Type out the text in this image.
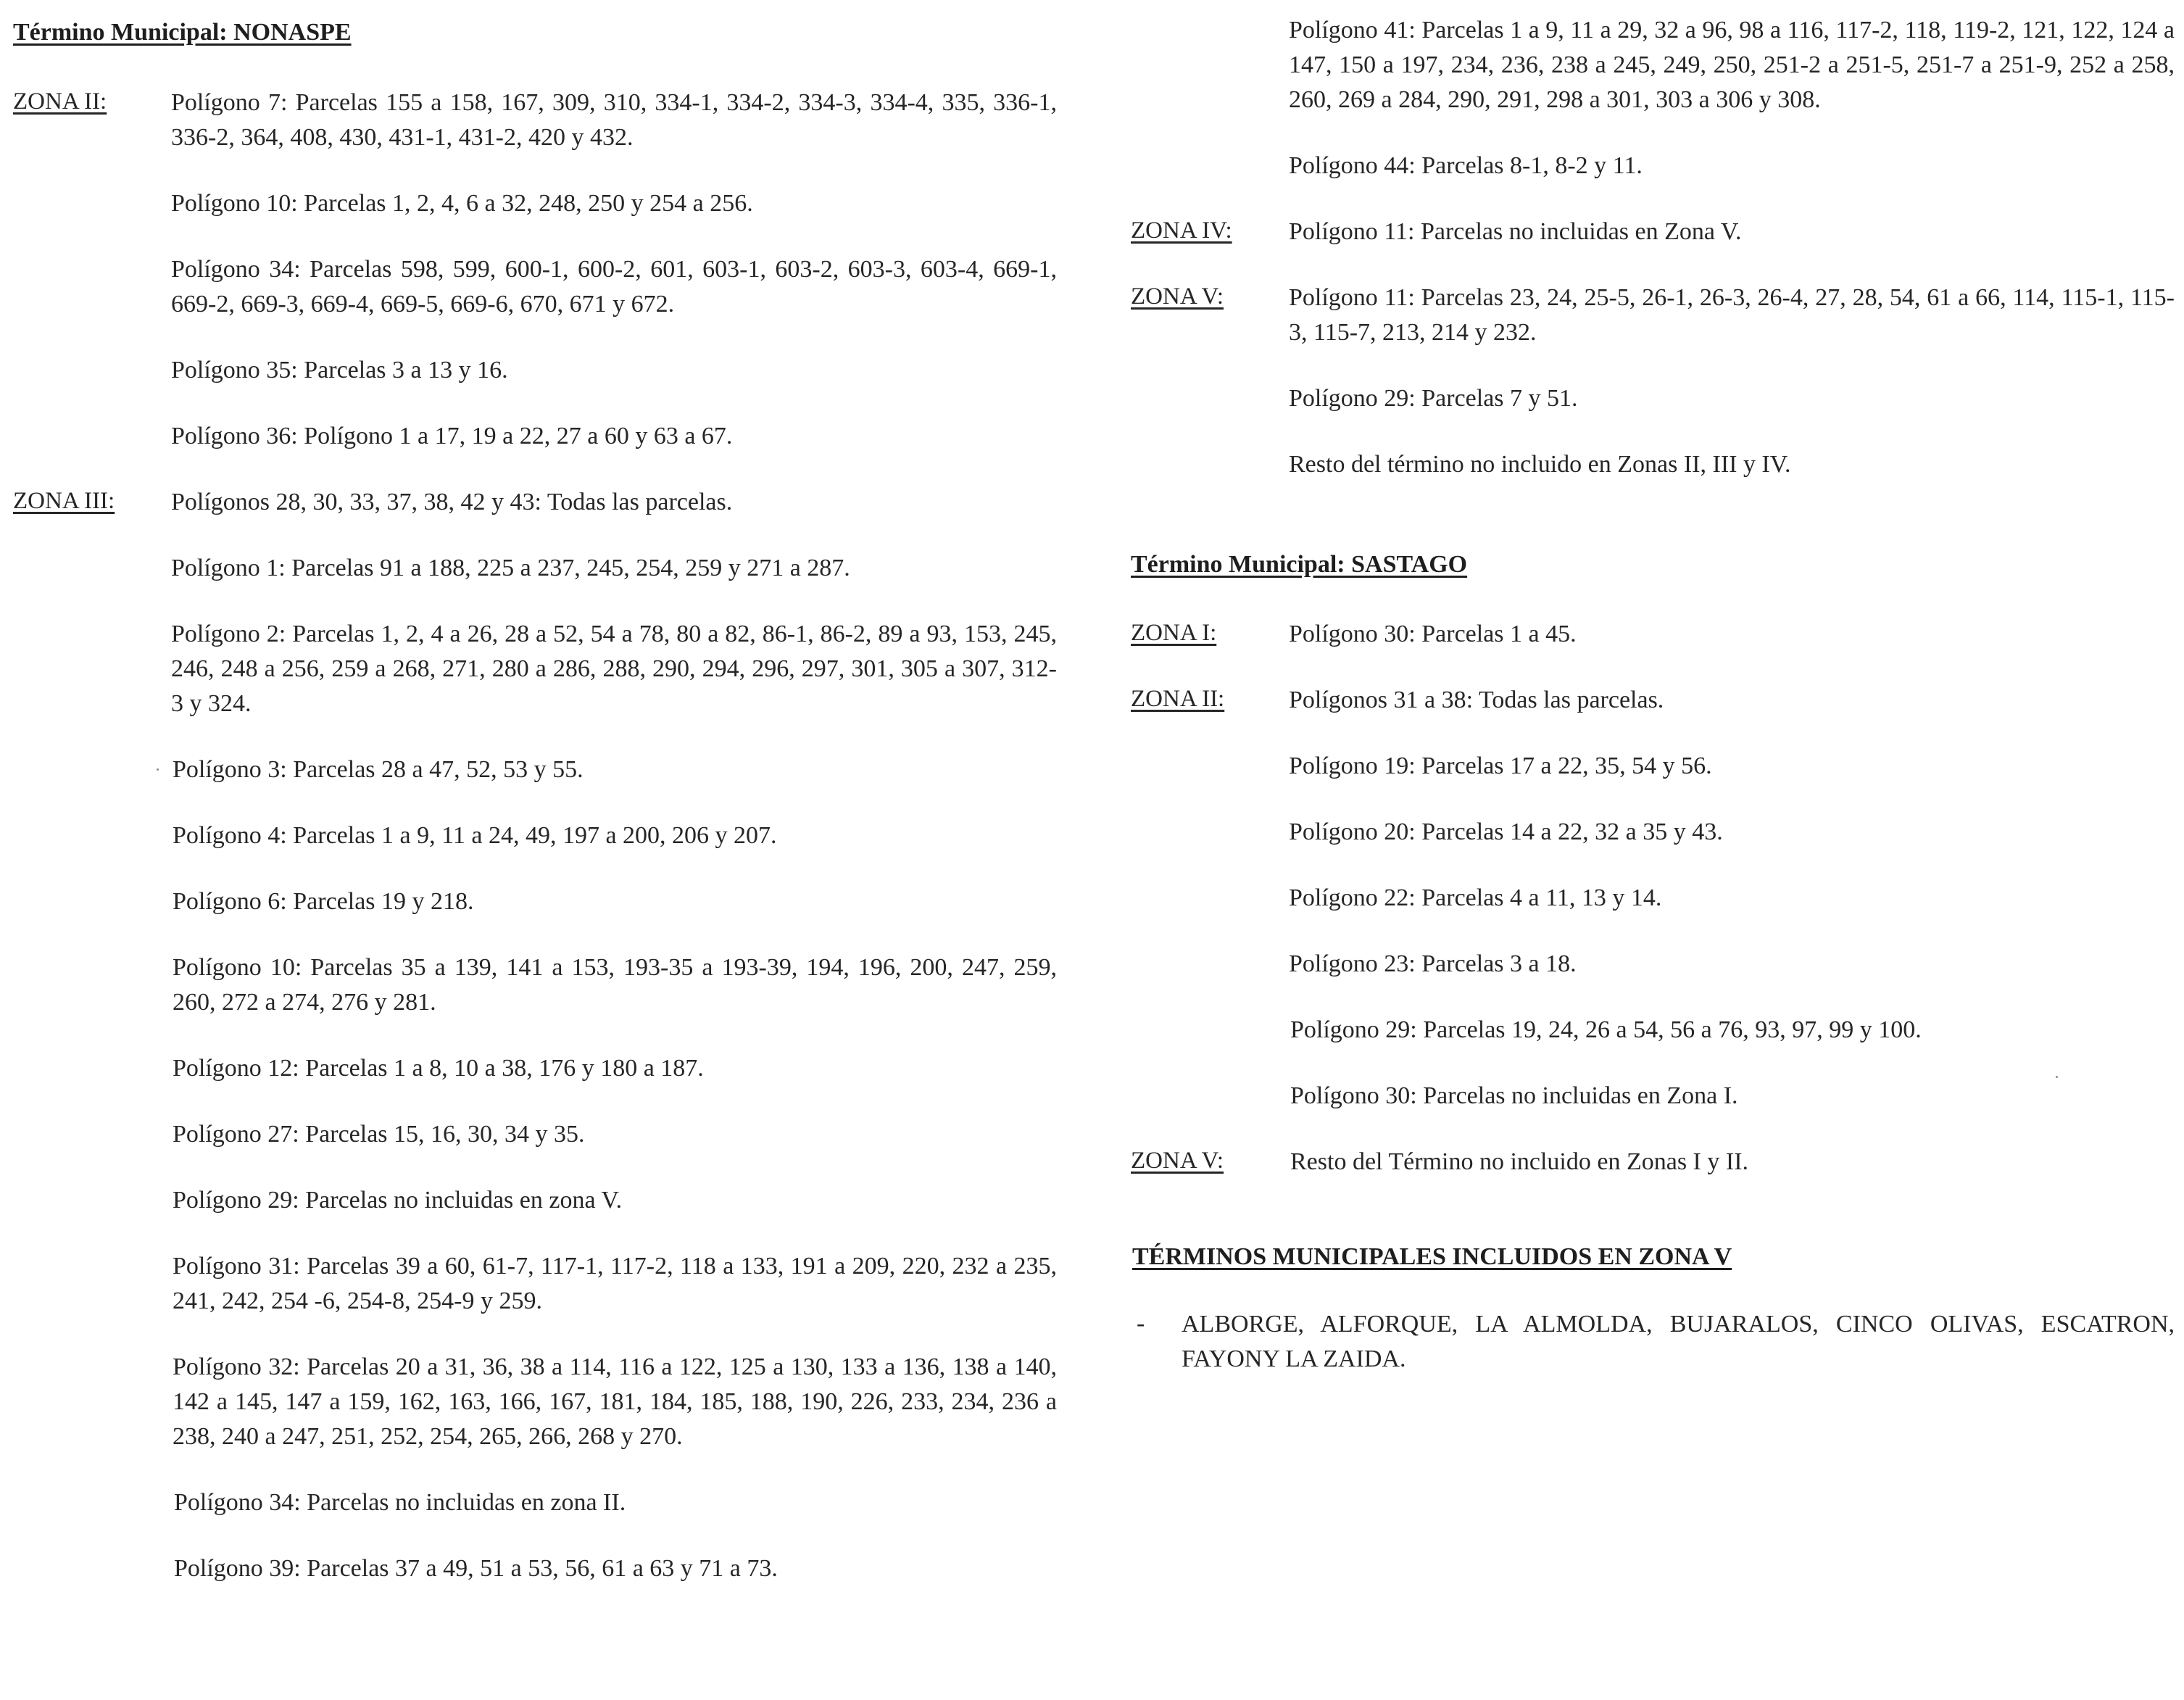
Término Municipal: NONASPE
ZONA II:	Polígono 7: Parcelas 155 a 158, 167, 309, 310, 334-1, 334-2, 334-3, 334-4, 335, 336-1, 336-2, 364, 408, 430, 431-1, 431-2, 420 y 432.
Polígono 10: Parcelas 1, 2, 4, 6 a 32, 248, 250 y 254 a 256.
Polígono 34: Parcelas 598, 599, 600-1, 600-2, 601, 603-1, 603-2, 603-3, 603-4, 669-1, 669-2, 669-3, 669-4, 669-5, 669-6, 670, 671 y 672.
Polígono 35: Parcelas 3 a 13 y 16.
Polígono 36: Polígono 1 a 17, 19 a 22, 27 a 60 y 63 a 67.
ZONA III: Polígonos 28, 30, 33, 37, 38, 42 y 43: Todas las parcelas.
Polígono 1: Parcelas 91 a 188, 225 a 237, 245, 254, 259 y 271 a 287.
Polígono 2: Parcelas 1, 2, 4 a 26, 28 a 52, 54 a 78, 80 a 82, 86-1, 86-2, 89 a 93, 153, 245, 246, 248 a 256, 259 a 268, 271, 280 a 286, 288, 290, 294, 296, 297, 301, 305 a 307, 312-3 y 324.
Polígono 3: Parcelas 28 a 47, 52, 53 y 55.
Polígono 4: Parcelas 1 a 9, 11 a 24, 49, 197 a 200, 206 y 207.
Polígono 6: Parcelas 19 y 218.
Polígono 10: Parcelas 35 a 139, 141 a 153, 193-35 a 193-39, 194, 196, 200, 247, 259, 260, 272 a 274, 276 y 281.
Polígono 12: Parcelas 1 a 8, 10 a 38, 176 y 180 a 187.
Polígono 27: Parcelas 15, 16, 30, 34 y 35.
Polígono 29: Parcelas no incluidas en zona V.
Polígono 31: Parcelas 39 a 60, 61-7, 117-1, 117-2, 118 a 133, 191 a 209, 220, 232 a 235, 241, 242, 254 -6, 254-8, 254-9 y 259.
Polígono 32: Parcelas 20 a 31, 36, 38 a 114, 116 a 122, 125 a 130, 133 a 136, 138 a 140, 142 a 145, 147 a 159, 162, 163, 166, 167, 181, 184, 185, 188, 190, 226, 233, 234, 236 a 238, 240 a 247, 251, 252, 254, 265, 266, 268 y 270.
Polígono 34: Parcelas no incluidas en zona II.
Polígono 39: Parcelas 37 a 49, 51 a 53, 56, 61 a 63 y 71 a 73.
Polígono 41: Parcelas 1 a 9, 11 a 29, 32 a 96, 98 a 116, 117-2, 118, 119-2, 121, 122, 124 a 147, 150 a 197, 234, 236, 238 a 245, 249, 250, 251-2 a 251-5, 251-7 a 251-9, 252 a 258, 260, 269 a 284, 290, 291, 298 a 301, 303 a 306 y 308.
Polígono 44: Parcelas 8-1, 8-2 y 11.
ZONA IV: Polígono 11: Parcelas no incluidas en Zona V.
ZONA V:	Polígono 11: Parcelas 23, 24, 25-5, 26-1, 26-3, 26-4, 27, 28, 54, 61 a 66, 114, 115-1, 115-3, 115-7, 213, 214 y 232.
Polígono 29: Parcelas 7 y 51.
Resto del término no incluido en Zonas II, III y IV.
Término Municipal: SASTAGO
ZONA I:	Polígono 30: Parcelas 1 a 45.
ZONA II:	Polígonos 31 a 38: Todas las parcelas.
Polígono 19: Parcelas 17 a 22, 35, 54 y 56.
Polígono 20: Parcelas 14 a 22, 32 a 35 y 43.
Polígono 22: Parcelas 4 a 11, 13 y 14.
Polígono 23: Parcelas 3 a 18.
Polígono 29: Parcelas 19, 24, 26 a 54, 56 a 76, 93, 97, 99 y 100.
Polígono 30: Parcelas no incluidas en Zona I.
ZONA V:	Resto del Término no incluido en Zonas I y II.
TÉRMINOS MUNICIPALES INCLUIDOS EN ZONA V
- ALBORGE, ALFORQUE, LA ALMOLDA, BUJARALOS, CINCO OLIVAS, ESCATRON, FAYONY LA ZAIDA.
